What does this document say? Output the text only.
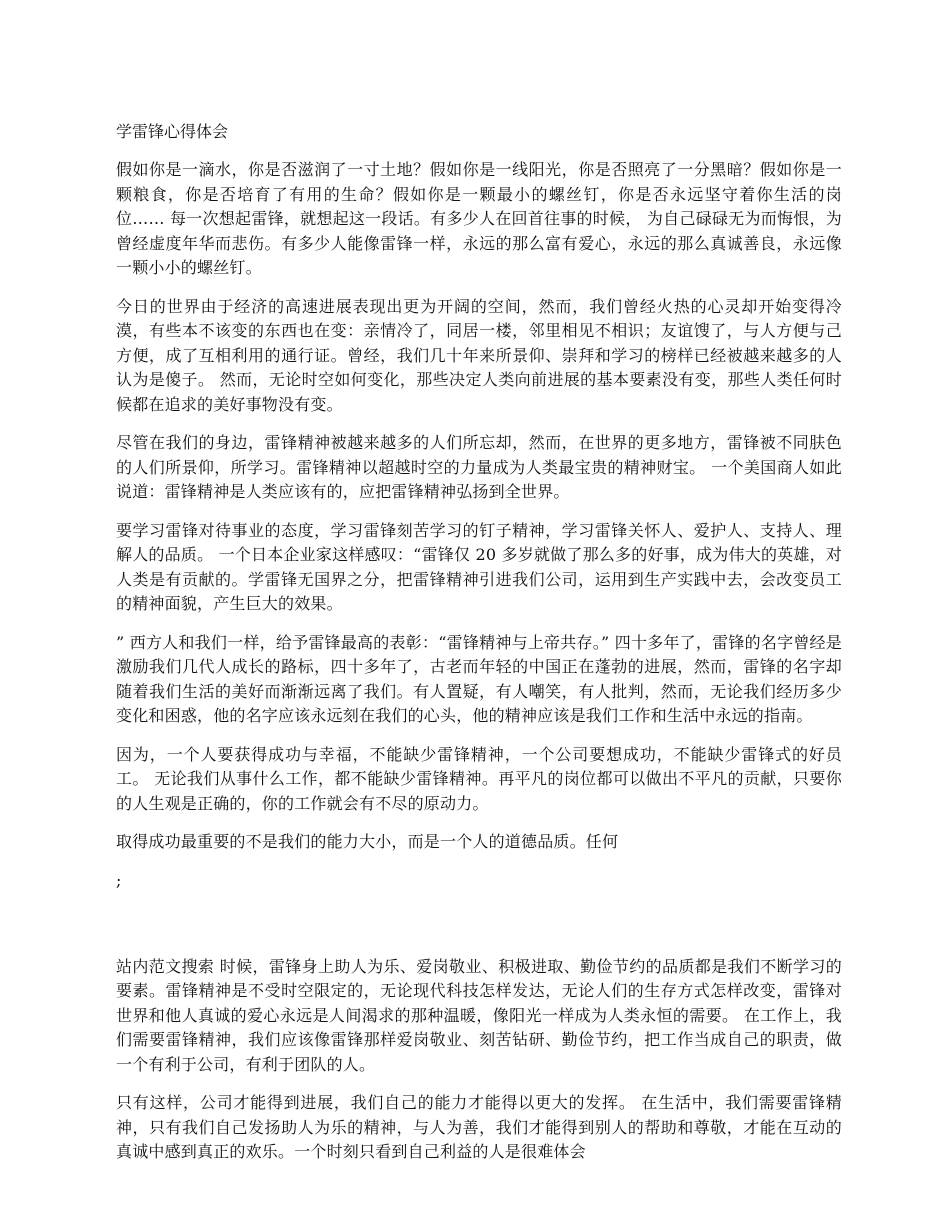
学雷锋心得体会

假如你是一滴水，你是否滋润了一寸土地？假如你是一线阳光，你是否照亮了一分黑暗？假如你是一颗粮食，你是否培育了有用的生命？假如你是一颗最小的螺丝钉，你是否永远坚守着你生活的岗位…… 每一次想起雷锋，就想起这一段话。有多少人在回首往事的时候， 为自己碌碌无为而悔恨，为曾经虚度年华而悲伤。有多少人能像雷锋一样，永远的那么富有爱心，永远的那么真诚善良，永远像一颗小小的螺丝钉。

今日的世界由于经济的高速进展表现出更为开阔的空间，然而，我们曾经火热的心灵却开始变得冷漠，有些本不该变的东西也在变：亲情冷了，同居一楼，邻里相见不相识；友谊馊了，与人方便与己方便，成了互相利用的通行证。曾经，我们几十年来所景仰、崇拜和学习的榜样已经被越来越多的人认为是傻子。 然而，无论时空如何变化，那些决定人类向前进展的基本要素没有变，那些人类任何时候都在追求的美好事物没有变。

尽管在我们的身边，雷锋精神被越来越多的人们所忘却，然而，在世界的更多地方，雷锋被不同肤色的人们所景仰，所学习。雷锋精神以超越时空的力量成为人类最宝贵的精神财宝。 一个美国商人如此说道：雷锋精神是人类应该有的，应把雷锋精神弘扬到全世界。

要学习雷锋对待事业的态度，学习雷锋刻苦学习的钉子精神，学习雷锋关怀人、爱护人、支持人、理解人的品质。 一个日本企业家这样感叹：“雷锋仅 20 多岁就做了那么多的好事，成为伟大的英雄，对人类是有贡献的。学雷锋无国界之分，把雷锋精神引进我们公司，运用到生产实践中去，会改变员工的精神面貌，产生巨大的效果。

” 西方人和我们一样，给予雷锋最高的表彰：“雷锋精神与上帝共存。” 四十多年了，雷锋的名字曾经是激励我们几代人成长的路标，四十多年了，古老而年轻的中国正在蓬勃的进展，然而，雷锋的名字却随着我们生活的美好而渐渐远离了我们。有人置疑，有人嘲笑，有人批判，然而，无论我们经历多少变化和困惑，他的名字应该永远刻在我们的心头，他的精神应该是我们工作和生活中永远的指南。

因为，一个人要获得成功与幸福，不能缺少雷锋精神，一个公司要想成功，不能缺少雷锋式的好员工。 无论我们从事什么工作，都不能缺少雷锋精神。再平凡的岗位都可以做出不平凡的贡献，只要你的人生观是正确的，你的工作就会有不尽的原动力。

取得成功最重要的不是我们的能力大小，而是一个人的道德品质。任何

;

站内范文搜索 时候，雷锋身上助人为乐、爱岗敬业、积极进取、勤俭节约的品质都是我们不断学习的要素。雷锋精神是不受时空限定的，无论现代科技怎样发达，无论人们的生存方式怎样改变，雷锋对世界和他人真诚的爱心永远是人间渴求的那种温暖，像阳光一样成为人类永恒的需要。 在工作上，我们需要雷锋精神，我们应该像雷锋那样爱岗敬业、刻苦钻研、勤俭节约，把工作当成自己的职责，做一个有利于公司，有利于团队的人。

只有这样，公司才能得到进展，我们自己的能力才能得以更大的发挥。 在生活中，我们需要雷锋精神，只有我们自己发扬助人为乐的精神，与人为善，我们才能得到别人的帮助和尊敬，才能在互动的真诚中感到真正的欢乐。一个时刻只看到自己利益的人是很难体会
